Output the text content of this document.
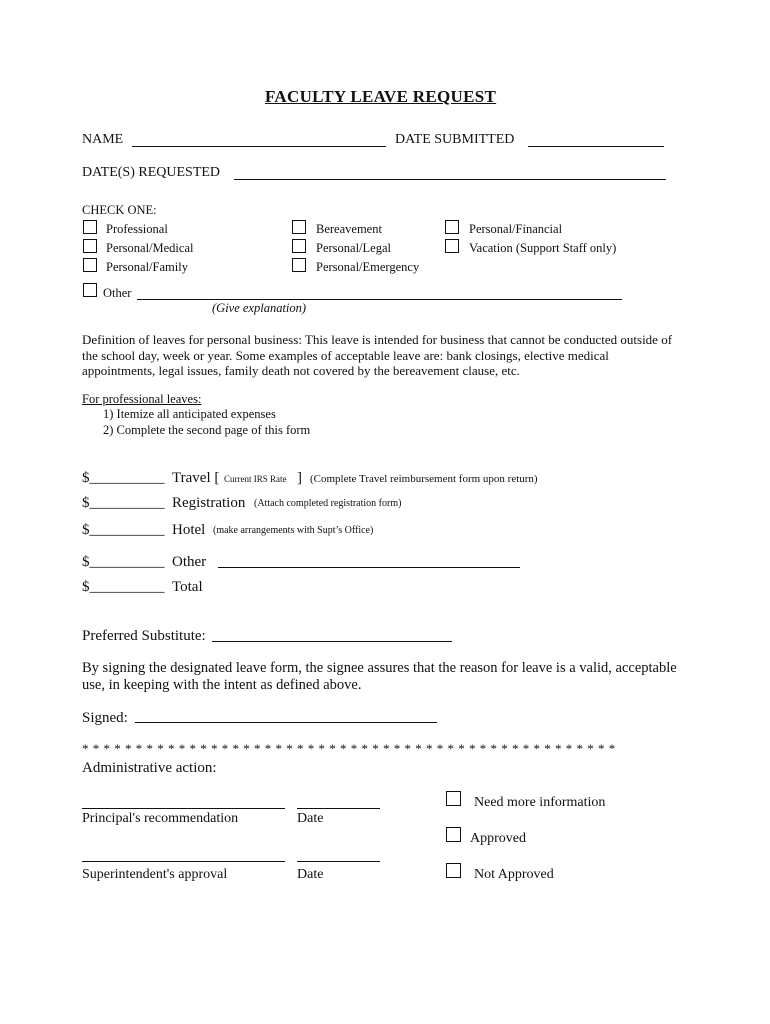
FACULTY LEAVE REQUEST
NAME	DATE SUBMITTED
DATE(S) REQUESTED
CHECK ONE:
Professional
Personal/Medical
Personal/Family
Bereavement
Personal/Legal
Personal/Emergency
Personal/Financial
Vacation (Support Staff only)
Other
(Give explanation)
Definition of leaves for personal business: This leave is intended for business that cannot be conducted outside of the school day, week or year. Some examples of acceptable leave are: bank closings, elective medical appointments, legal issues, family death not covered by the bereavement clause, etc.
For professional leaves:
1) Itemize all anticipated expenses
2) Complete the second page of this form
$__________ Travel [ Current IRS Rate ] (Complete Travel reimbursement form upon return)
$__________ Registration (Attach completed registration form)
$__________ Hotel (make arrangements with Supt’s Office)
$__________ Other
$__________ Total
Preferred Substitute:
By signing the designated leave form, the signee assures that the reason for leave is a valid, acceptable use, in keeping with the intent as defined above.
Signed:
* * * * * * * * * * * * * * * * * * * * * * * * * * * * * * * * * * * * * * * * * * * * * * * * * *
Administrative action:
Principal's recommendation	Date
Superintendent's approval	Date
Need more information
Approved
Not Approved
